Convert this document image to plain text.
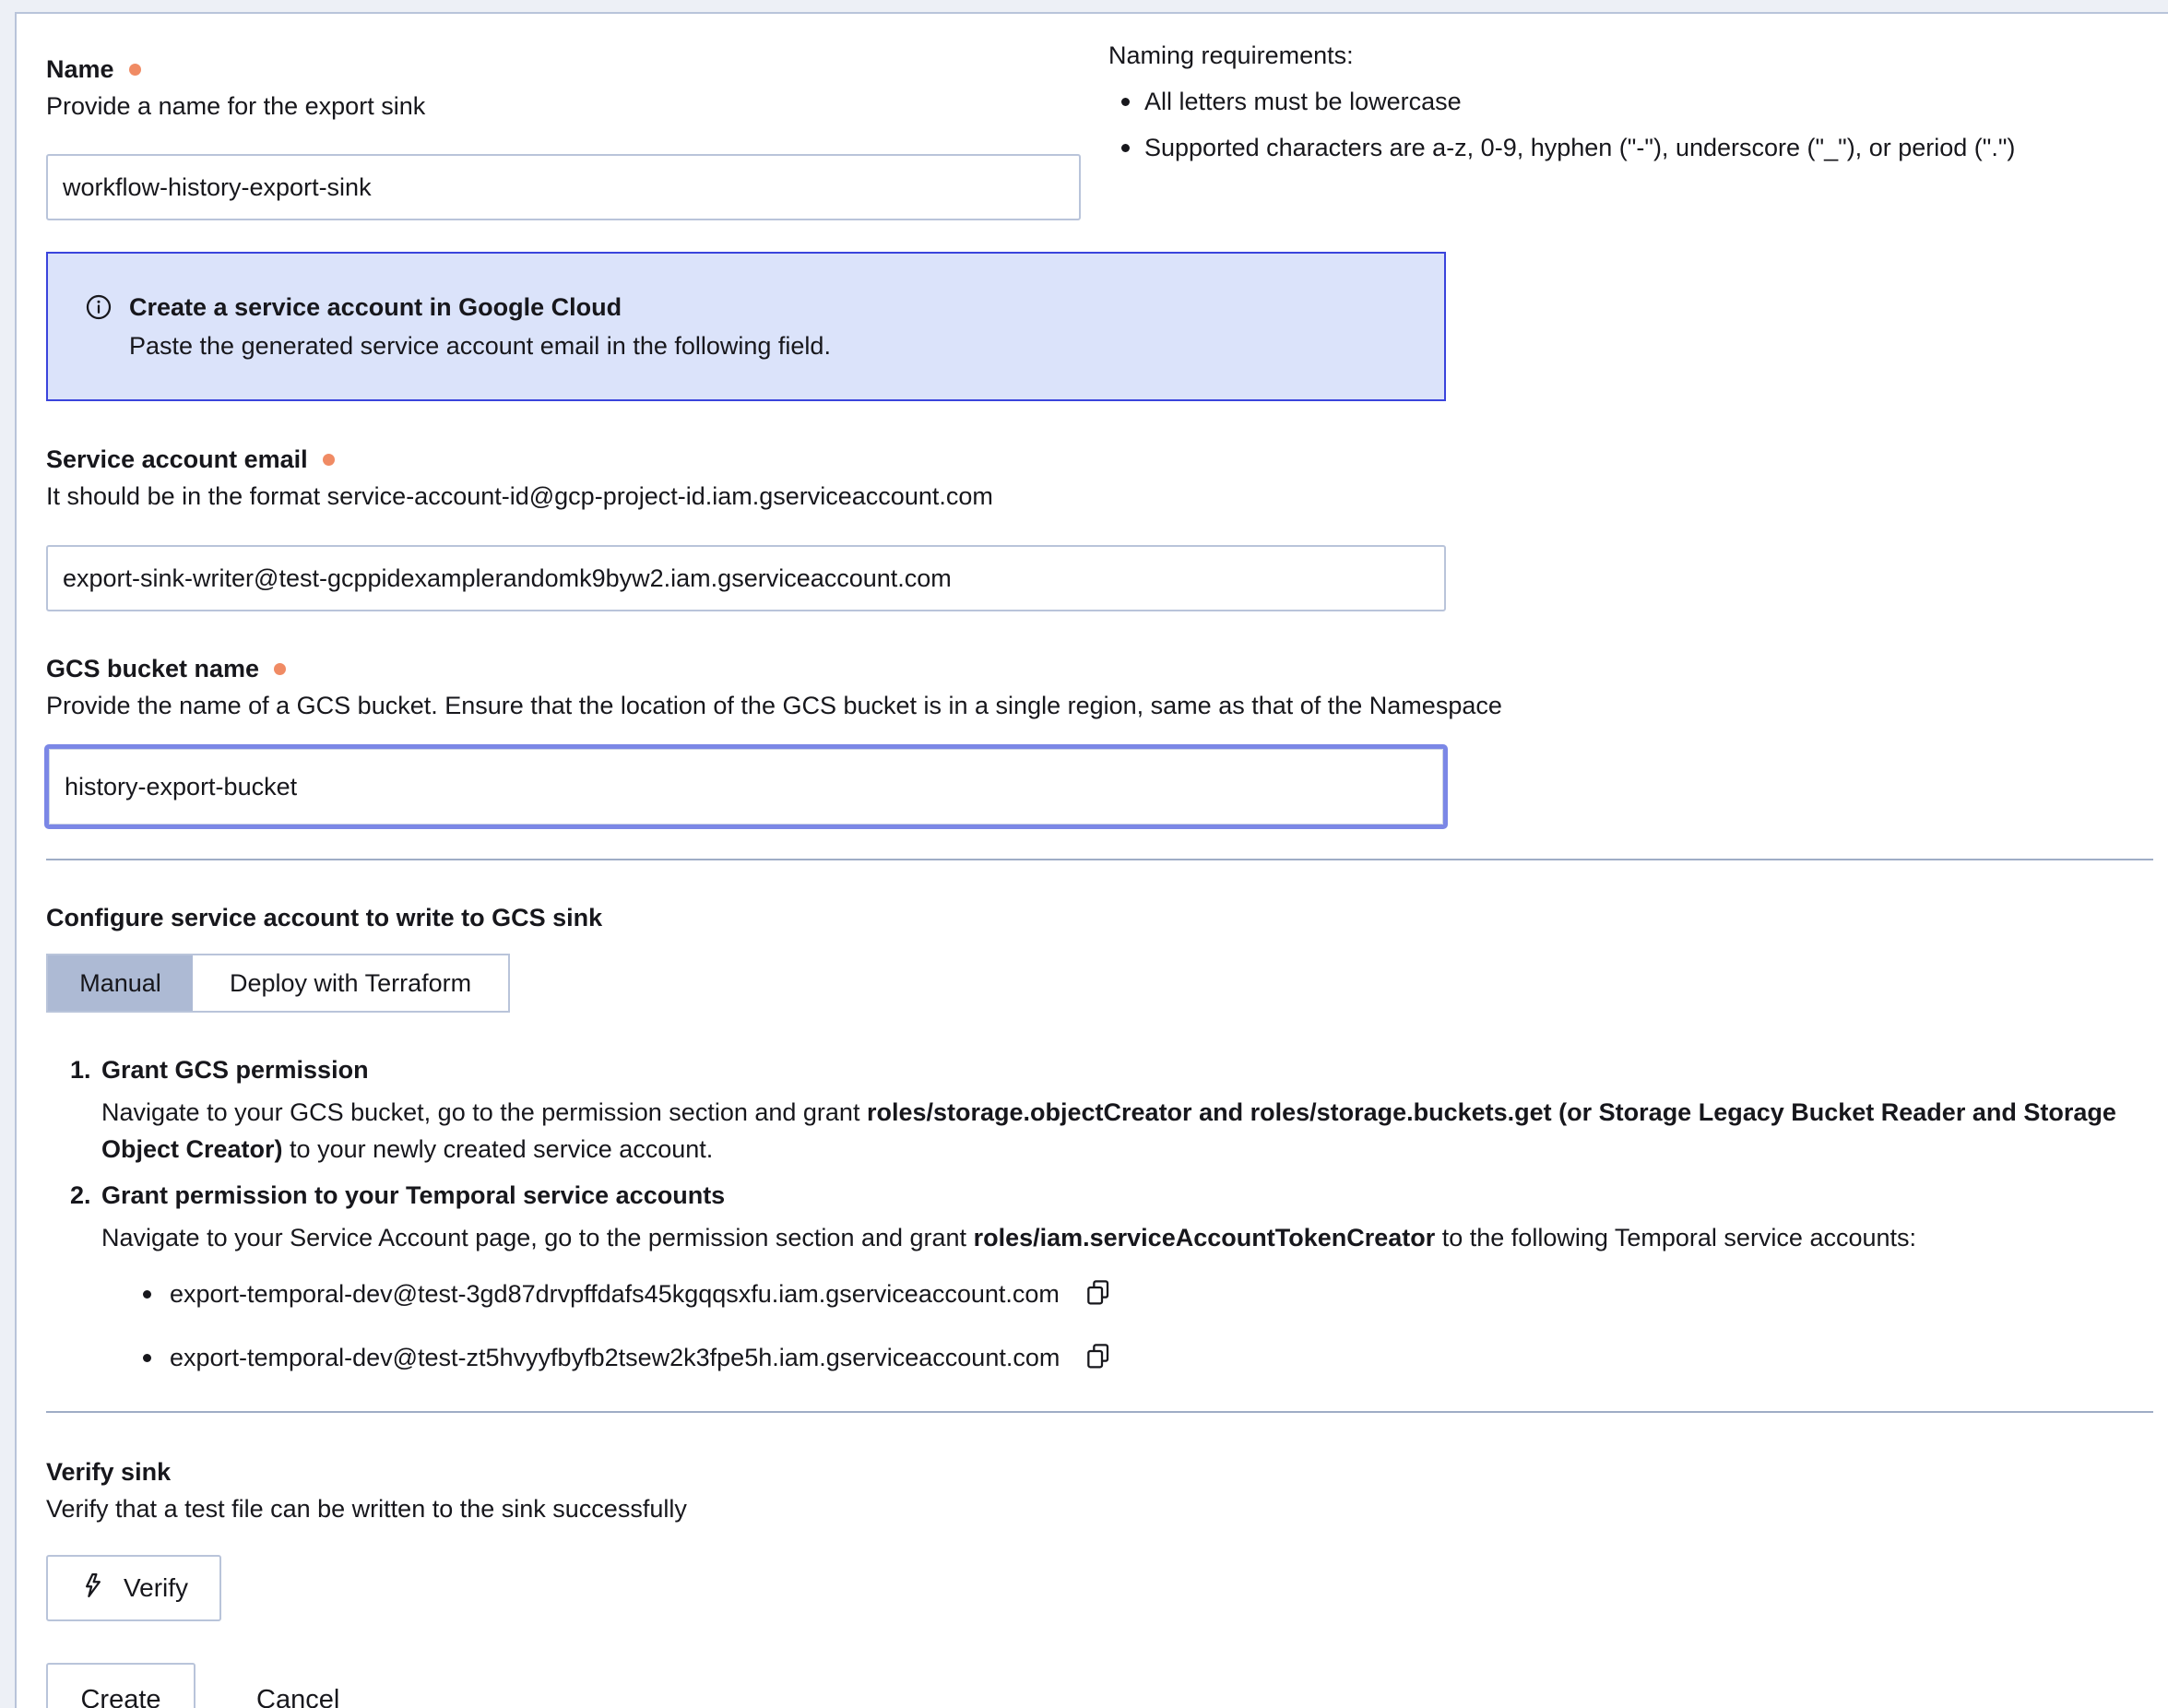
Name
Provide a name for the export sink
workflow-history-export-sink
Naming requirements:
All letters must be lowercase
Supported characters are a-z, 0-9, hyphen ("-"), underscore ("_"), or period (".")
Create a service account in Google Cloud
Paste the generated service account email in the following field.
Service account email
It should be in the format service-account-id@gcp-project-id.iam.gserviceaccount.com
export-sink-writer@test-gcppidexamplerandomk9byw2.iam.gserviceaccount.com
GCS bucket name
Provide the name of a GCS bucket. Ensure that the location of the GCS bucket is in a single region, same as that of the Namespace
history-export-bucket
Configure service account to write to GCS sink
Manual	Deploy with Terraform
1. Grant GCS permission
Navigate to your GCS bucket, go to the permission section and grant roles/storage.objectCreator and roles/storage.buckets.get (or Storage Legacy Bucket Reader and Storage Object Creator) to your newly created service account.
2. Grant permission to your Temporal service accounts
Navigate to your Service Account page, go to the permission section and grant roles/iam.serviceAccountTokenCreator to the following Temporal service accounts:
export-temporal-dev@test-3gd87drvpffdafs45kgqqsxfu.iam.gserviceaccount.com
export-temporal-dev@test-zt5hvyyfbyfb2tsew2k3fpe5h.iam.gserviceaccount.com
Verify sink
Verify that a test file can be written to the sink successfully
Verify
Create	Cancel
